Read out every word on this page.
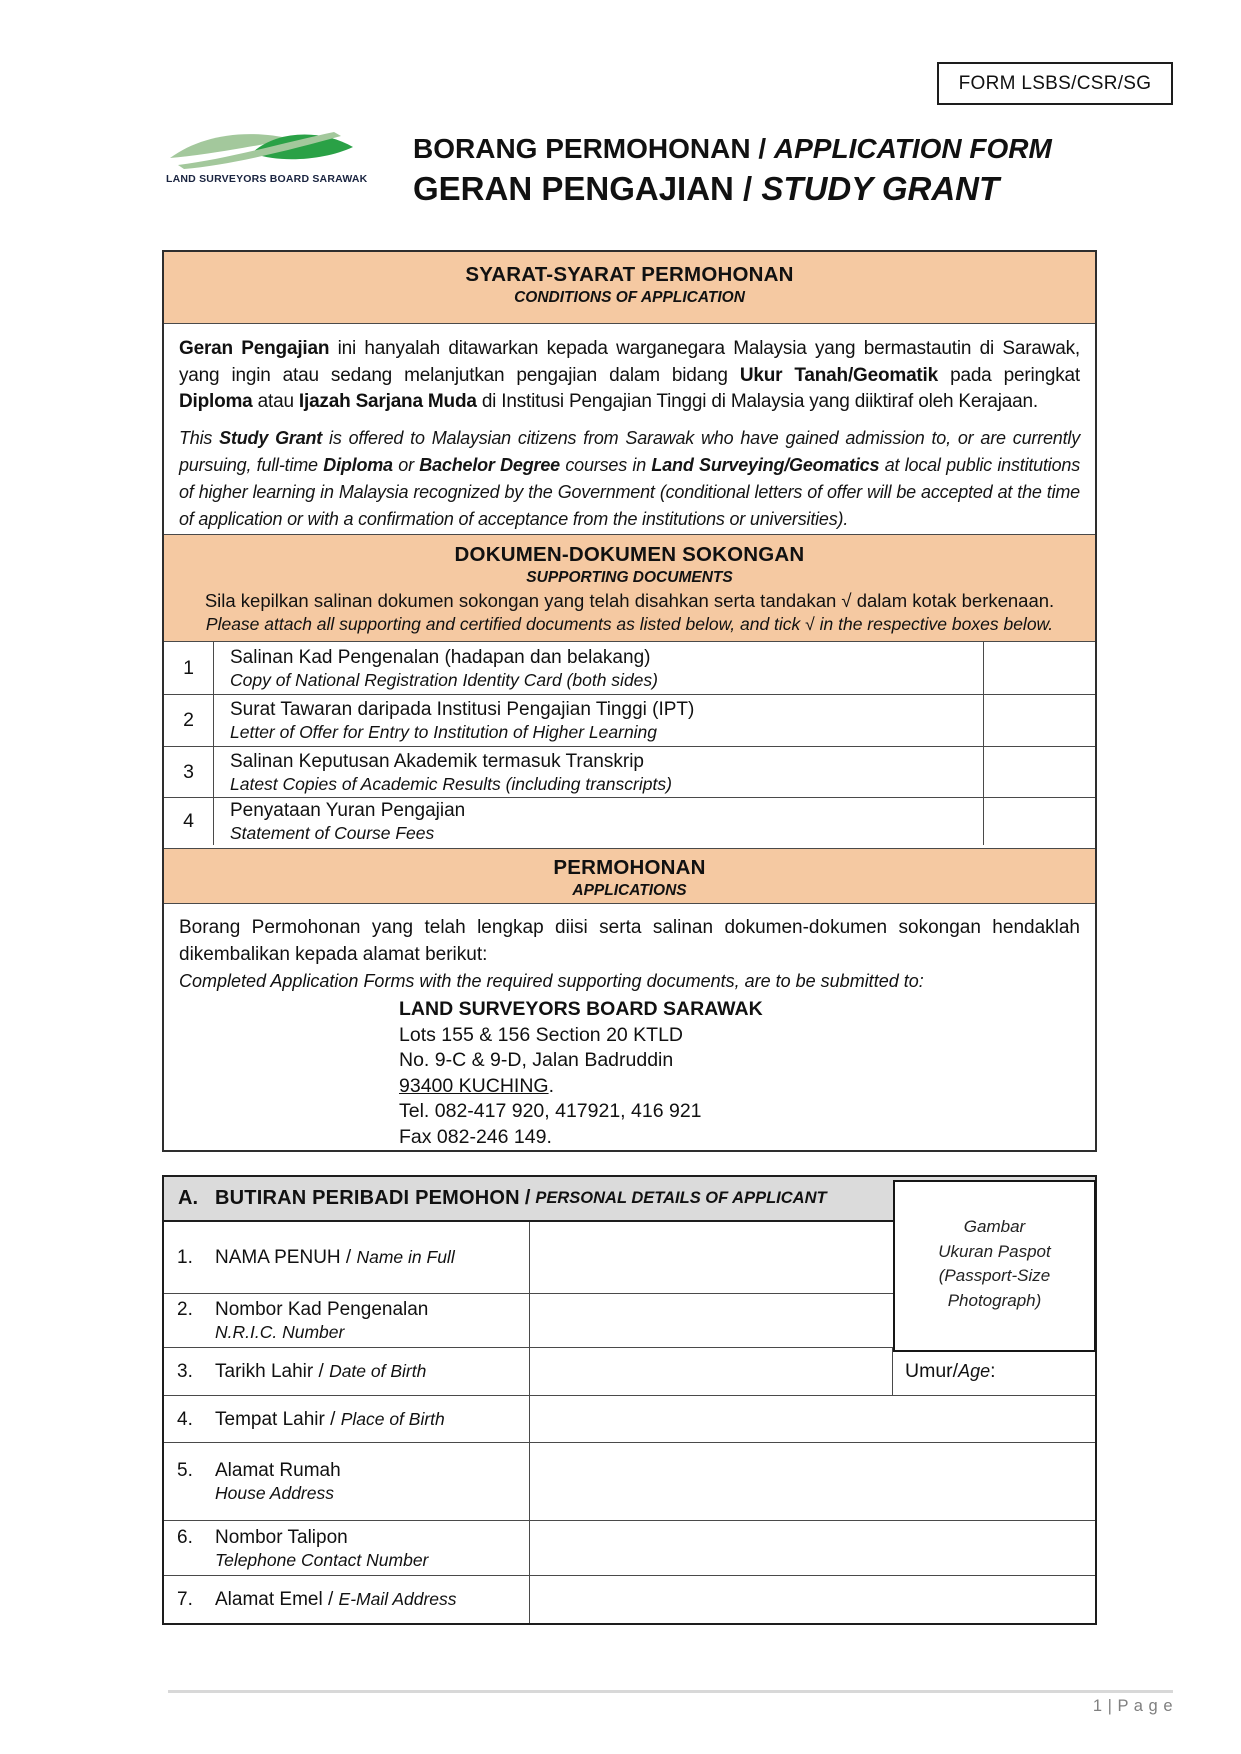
FORM LSBS/CSR/SG
LAND SURVEYORS BOARD SARAWAK
BORANG PERMOHONAN / APPLICATION FORM
GERAN PENGAJIAN / STUDY GRANT
SYARAT-SYARAT PERMOHONAN
CONDITIONS OF APPLICATION

Geran Pengajian ini hanyalah ditawarkan kepada warganegara Malaysia yang bermastautin di Sarawak, yang ingin atau sedang melanjutkan pengajian dalam bidang Ukur Tanah/Geomatik pada peringkat Diploma atau Ijazah Sarjana Muda di Institusi Pengajian Tinggi di Malaysia yang diiktiraf oleh Kerajaan.

This Study Grant is offered to Malaysian citizens from Sarawak who have gained admission to, or are currently pursuing, full-time Diploma or Bachelor Degree courses in Land Surveying/Geomatics at local public institutions of higher learning in Malaysia recognized by the Government (conditional letters of offer will be accepted at the time of application or with a confirmation of acceptance from the institutions or universities).

DOKUMEN-DOKUMEN SOKONGAN
SUPPORTING DOCUMENTS
Sila kepilkan salinan dokumen sokongan yang telah disahkan serta tandakan √ dalam kotak berkenaan.
Please attach all supporting and certified documents as listed below, and tick √ in the respective boxes below.
1	Salinan Kad Pengenalan (hadapan dan belakang)
Copy of National Registration Identity Card (both sides)
2	Surat Tawaran daripada Institusi Pengajian Tinggi (IPT)
Letter of Offer for Entry to Institution of Higher Learning
3	Salinan Keputusan Akademik termasuk Transkrip
Latest Copies of Academic Results (including transcripts)
4	Penyataan Yuran Pengajian
Statement of Course Fees
PERMOHONAN
APPLICATIONS

Borang Permohonan yang telah lengkap diisi serta salinan dokumen-dokumen sokongan hendaklah dikembalikan kepada alamat berikut:

Completed Application Forms with the required supporting documents, are to be submitted to:

LAND SURVEYORS BOARD SARAWAK
Lots 155 & 156 Section 20 KTLD
No. 9-C & 9-D, Jalan Badruddin
93400 KUCHING.
Tel. 082-417 920, 417921, 416 921
Fax 082-246 149.
A. BUTIRAN PERIBADI PEMOHON / PERSONAL DETAILS OF APPLICANT
1.	NAMA PENUH / Name in Full
2.	Nombor Kad Pengenalan
N.R.I.C. Number
3.	Tarikh Lahir / Date of Birth	Umur / Age :
4.	Tempat Lahir / Place of Birth
5.	Alamat Rumah
House Address
6.	Nombor Talipon
Telephone Contact Number
7.	Alamat Emel / E-Mail Address
Gambar
Ukuran Paspot
(Passport-Size
Photograph)
1 | P a g e
